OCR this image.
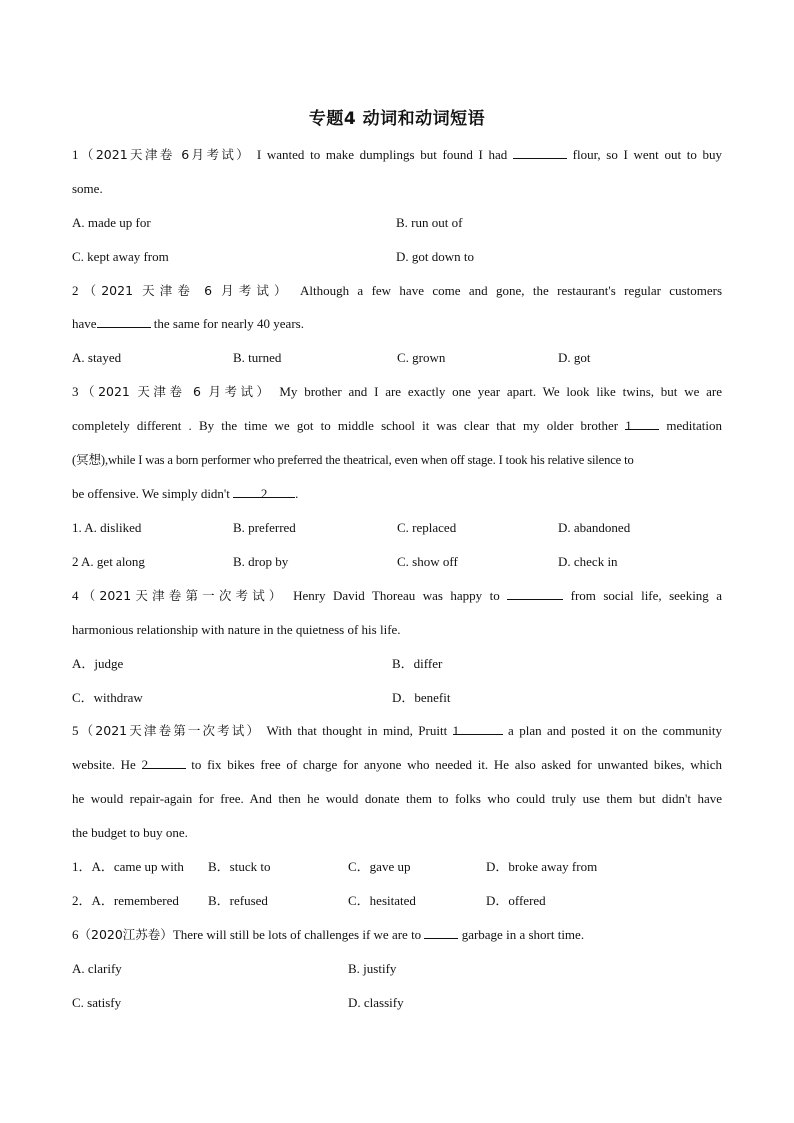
专题4 动词和动词短语
1（2021天津卷 6月考试） I wanted to make dumplings but found I had	flour, so I went out to buy
some.
A. made up for	B. run out of
C. kept away from	D. got down to
2（2021 天津卷 6 月考试） Although a few have come and gone, the restaurant's regular customers
have	the same for nearly 40 years.
A. stayed	B. turned	C. grown	D. got
3（2021 天津卷 6 月考试） My brother and I are exactly one year apart. We look like twins, but we are
completely different . By the time we got to middle school it was clear that my older brother 1	meditation
(冥想),while I was a born performer who preferred the theatrical, even when off stage. I took his relative silence to
be offensive. We simply didn't 2 .
1. A. disliked	B. preferred	C. replaced	D. abandoned
2 A. get along	B. drop by	C. show off	D. check in
4（2021天津卷第一次考试） Henry David Thoreau was happy to	from social life, seeking a
harmonious relationship with nature in the quietness of his life.
A．judge	B．differ
C．withdraw	D．benefit
5（2021天津卷第一次考试） With that thought in mind, Pruitt 1	a plan and posted it on the community
website. He 2	to fix bikes free of charge for anyone who needed it. He also asked for unwanted bikes, which
he would repair-again for free. And then he would donate them to folks who could truly use them but didn't have
the budget to buy one.
1．A．came up with B．stuck to	C．gave up	D．broke away from
2．A．remembered B．refused	C．hesitated	D．offered
6（2020江苏卷）There will still be lots of challenges if we are to	garbage in a short time.
A. clarify	B. justify
C. satisfy	D. classify
